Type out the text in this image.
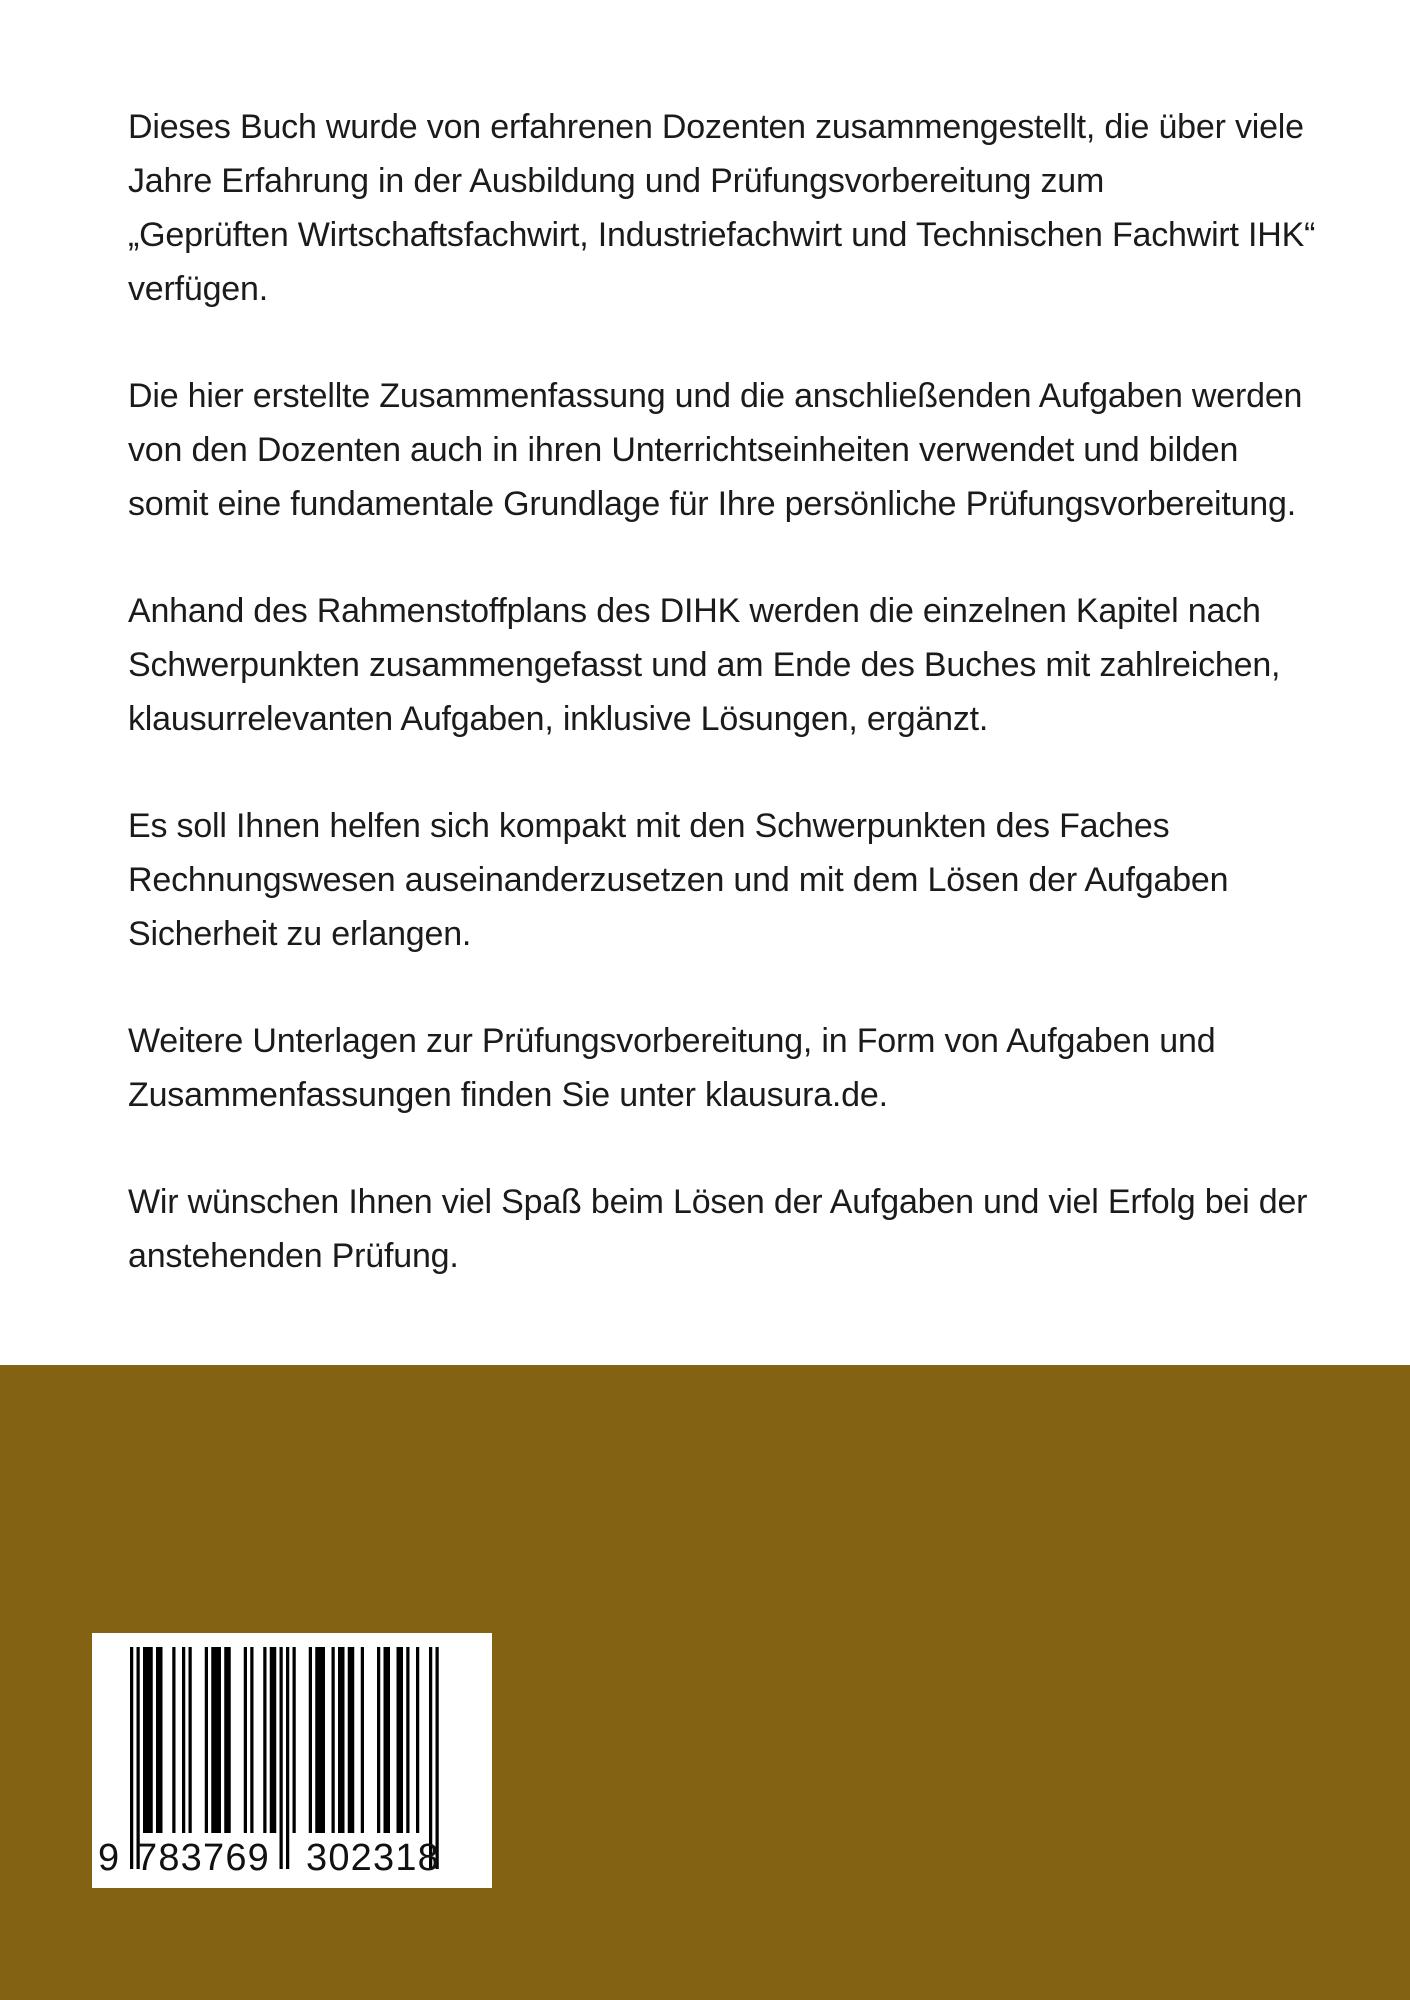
Dieses Buch wurde von erfahrenen Dozenten zusammengestellt, die über viele
Jahre Erfahrung in der Ausbildung und Prüfungsvorbereitung zum
„Geprüften Wirtschaftsfachwirt, Industriefachwirt und Technischen Fachwirt IHK“
verfügen.

Die hier erstellte Zusammenfassung und die anschließenden Aufgaben werden
von den Dozenten auch in ihren Unterrichtseinheiten verwendet und bilden
somit eine fundamentale Grundlage für Ihre persönliche Prüfungsvorbereitung.

Anhand des Rahmenstoffplans des DIHK werden die einzelnen Kapitel nach
Schwerpunkten zusammengefasst und am Ende des Buches mit zahlreichen,
klausurrelevanten Aufgaben, inklusive Lösungen, ergänzt.

Es soll Ihnen helfen sich kompakt mit den Schwerpunkten des Faches
Rechnungswesen auseinanderzusetzen und mit dem Lösen der Aufgaben
Sicherheit zu erlangen.

Weitere Unterlagen zur Prüfungsvorbereitung, in Form von Aufgaben und
Zusammenfassungen finden Sie unter klausura.de.

Wir wünschen Ihnen viel Spaß beim Lösen der Aufgaben und viel Erfolg bei der
anstehenden Prüfung.

9 783769 302318
